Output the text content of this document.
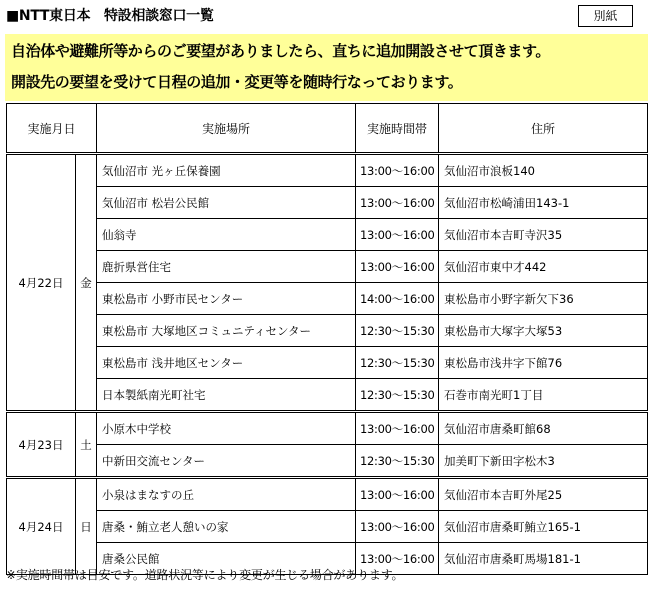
■NTT東日本　特設相談窓口一覧	別紙
自治体や避難所等からのご要望がありましたら、直ちに追加開設させて頂きます。
開設先の要望を受けて日程の追加・変更等を随時行なっております。
実施月日		実施場所	実施時間帯	住所
4月22日	金	気仙沼市 光ヶ丘保養園	13:00～16:00	気仙沼市浪板140
		気仙沼市 松岩公民館	13:00～16:00	気仙沼市松崎浦田143-1
		仙翁寺	13:00～16:00	気仙沼市本吉町寺沢35
		鹿折県営住宅	13:00～16:00	気仙沼市東中才442
		東松島市 小野市民センター	14:00～16:00	東松島市小野字新欠下36
		東松島市 大塚地区コミュニティセンター	12:30～15:30	東松島市大塚字大塚53
		東松島市 浅井地区センター	12:30～15:30	東松島市浅井字下館76
		日本製紙南光町社宅	12:30～15:30	石巻市南光町1丁目
4月23日	土	小原木中学校	13:00～16:00	気仙沼市唐桑町館68
		中新田交流センター	12:30～15:30	加美町下新田字松木3
4月24日	日	小泉はまなすの丘	13:00～16:00	気仙沼市本吉町外尾25
		唐桑・鮪立老人憩いの家	13:00～16:00	気仙沼市唐桑町鮪立165-1
		唐桑公民館	13:00～16:00	気仙沼市唐桑町馬場181-1
※実施時間帯は目安です。道路状況等により変更が生じる場合があります。
